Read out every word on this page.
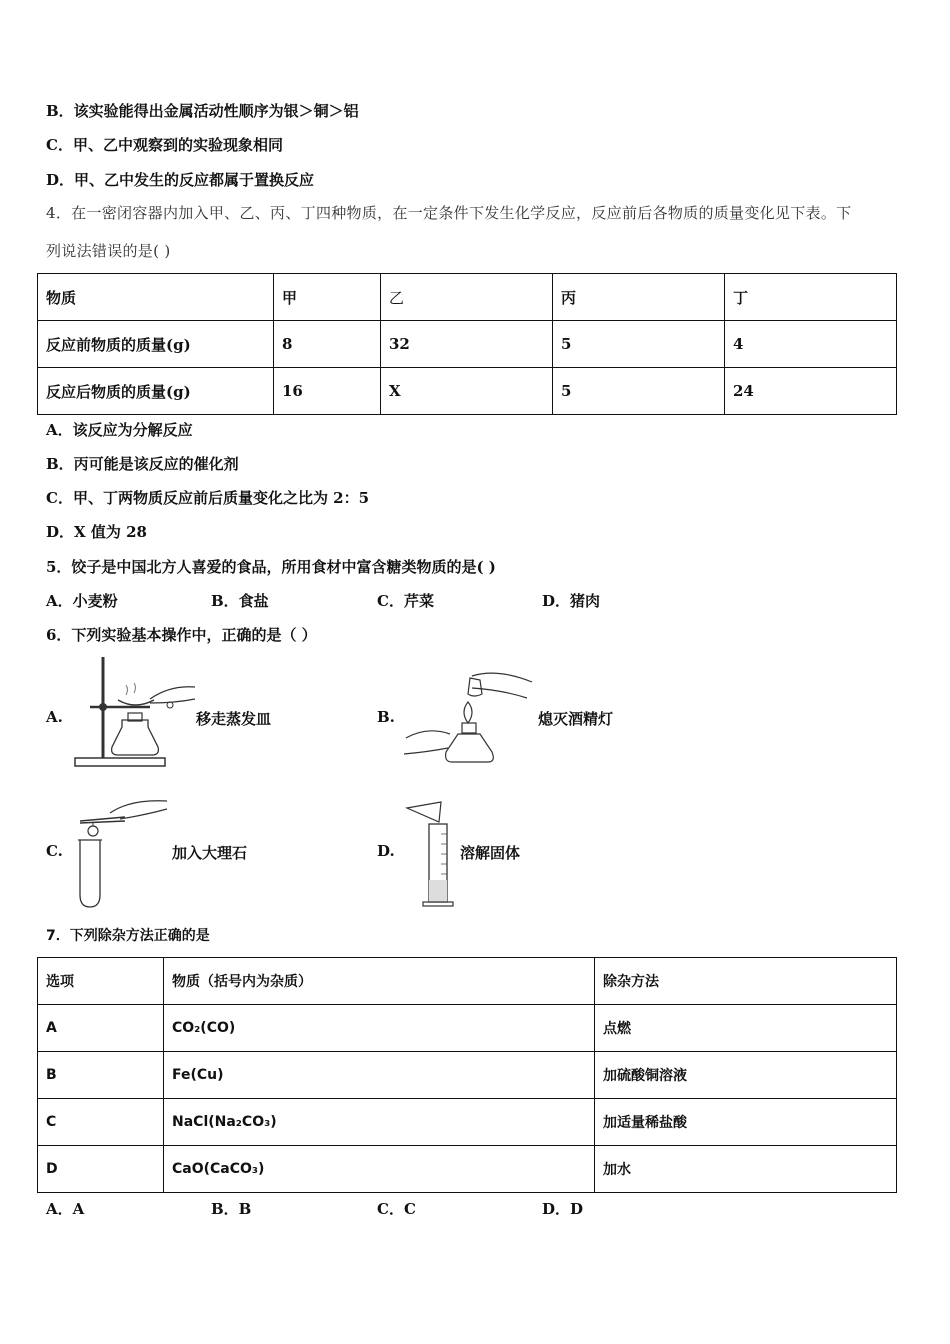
B．该实验能得出金属活动性顺序为银＞铜＞铝
C．甲、乙中观察到的实验现象相同
D．甲、乙中发生的反应都属于置换反应
4．在一密闭容器内加入甲、乙、丙、丁四种物质，在一定条件下发生化学反应，反应前后各物质的质量变化见下表。下
列说法错误的是( )
物质	甲	乙	丙	丁
反应前物质的质量(g)	8	32	5	4
反应后物质的质量(g)	16	X	5	24
A．该反应为分解反应
B．丙可能是该反应的催化剂
C．甲、丁两物质反应前后质量变化之比为 2：5
D．X 值为 28
5．饺子是中国北方人喜爱的食品，所用食材中富含糖类物质的是( )
A．小麦粉	B．食盐	C．芹菜	D．猪肉
6．下列实验基本操作中，正确的是（ ）
A.	移走蒸发皿	B.	熄灭酒精灯
C.	加入大理石	D.	溶解固体
7．下列除杂方法正确的是
选项	物质（括号内为杂质）	除杂方法
A	CO₂(CO)	点燃
B	Fe(Cu)	加硫酸铜溶液
C	NaCl(Na₂CO₃)	加适量稀盐酸
D	CaO(CaCO₃)	加水
A．A	B．B	C．C	D．D
